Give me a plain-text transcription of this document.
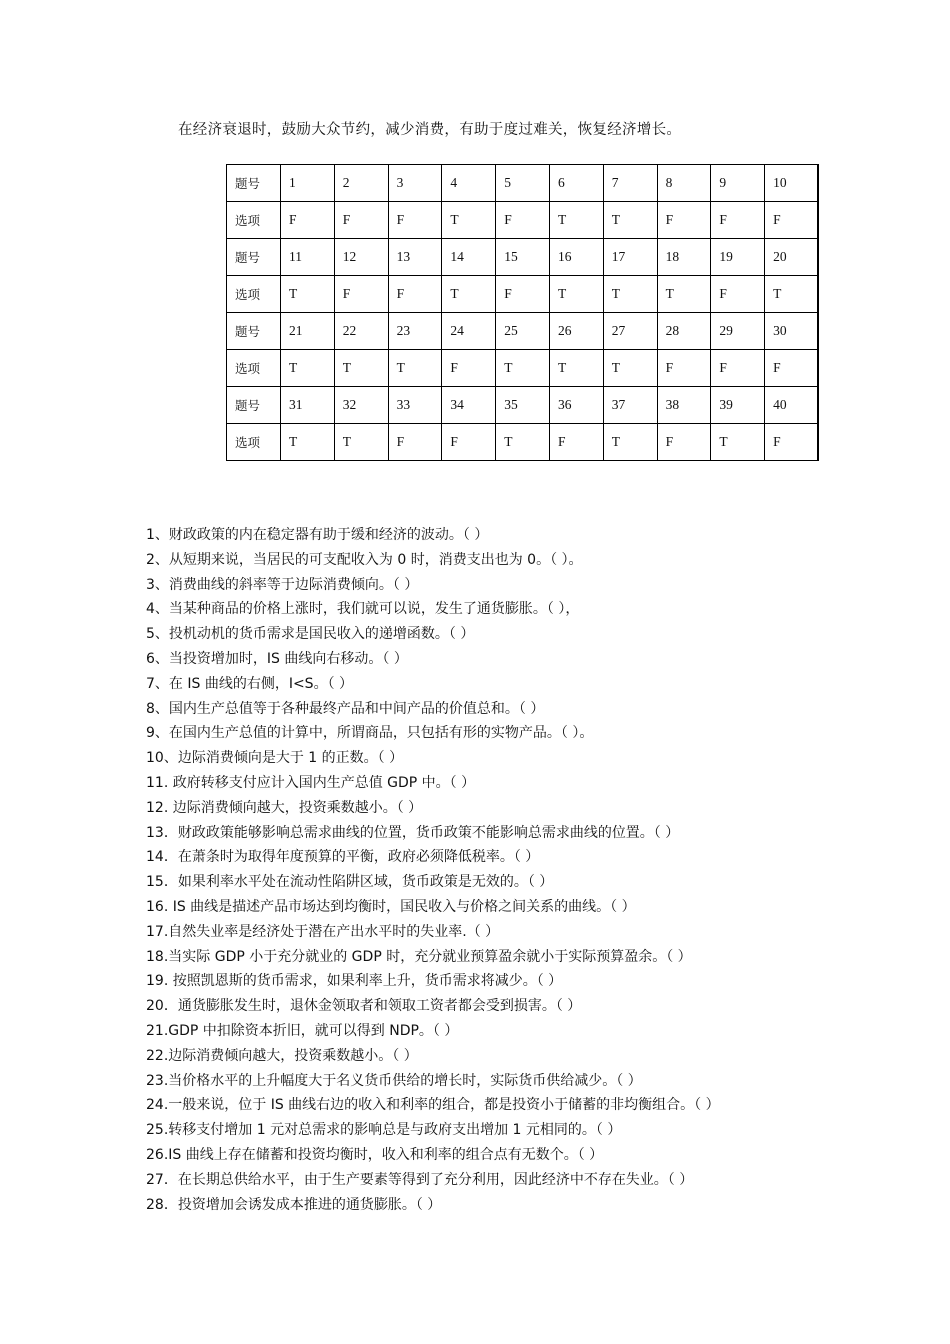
在经济衰退时，鼓励大众节约，减少消费，有助于度过难关，恢复经济增长。
题号	1	2	3	4	5	6	7	8	9	10
选项	F	F	F	T	F	T	T	F	F	F
题号	11	12	13	14	15	16	17	18	19	20
选项	T	F	F	T	F	T	T	T	F	T
题号	21	22	23	24	25	26	27	28	29	30
选项	T	T	T	F	T	T	T	F	F	F
题号	31	32	33	34	35	36	37	38	39	40
选项	T	T	F	F	T	F	T	F	T	F
1、财政政策的内在稳定器有助于缓和经济的波动。（ ）
2、从短期来说，当居民的可支配收入为 0 时，消费支出也为 0。（ ）。
3、消费曲线的斜率等于边际消费倾向。（ ）
4、当某种商品的价格上涨时，我们就可以说，发生了通货膨胀。（ ），
5、投机动机的货币需求是国民收入的递增函数。（ ）
6、当投资增加时，IS 曲线向右移动。（ ）
7、在 IS 曲线的右侧，I<S。（ ）
8、国内生产总值等于各种最终产品和中间产品的价值总和。（ ）
9、在国内生产总值的计算中，所谓商品，只包括有形的实物产品。（ ）。
10、边际消费倾向是大于 1 的正数。（ ）
11. 政府转移支付应计入国内生产总值 GDP 中。（ ）
12. 边际消费倾向越大，投资乘数越小。（ ）
13．财政政策能够影响总需求曲线的位置，货币政策不能影响总需求曲线的位置。（ ）
14．在萧条时为取得年度预算的平衡，政府必须降低税率。（ ）
15．如果利率水平处在流动性陷阱区域，货币政策是无效的。（ ）
16. IS 曲线是描述产品市场达到均衡时，国民收入与价格之间关系的曲线。（ ）
17.自然失业率是经济处于潜在产出水平时的失业率.（ ）
18.当实际 GDP 小于充分就业的 GDP 时，充分就业预算盈余就小于实际预算盈余。（ ）
19. 按照凯恩斯的货币需求，如果利率上升，货币需求将减少。（ ）
20．通货膨胀发生时，退休金领取者和领取工资者都会受到损害。（ ）
21.GDP 中扣除资本折旧，就可以得到 NDP。（ ）
22.边际消费倾向越大，投资乘数越小。（ ）
23.当价格水平的上升幅度大于名义货币供给的增长时，实际货币供给减少。（ ）
24.一般来说，位于 IS 曲线右边的收入和利率的组合，都是投资小于储蓄的非均衡组合。（ ）
25.转移支付增加 1 元对总需求的影响总是与政府支出增加 1 元相同的。（ ）
26.IS 曲线上存在储蓄和投资均衡时，收入和利率的组合点有无数个。（ ）
27．在长期总供给水平，由于生产要素等得到了充分利用，因此经济中不存在失业。（ ）
28．投资增加会诱发成本推进的通货膨胀。（ ）
